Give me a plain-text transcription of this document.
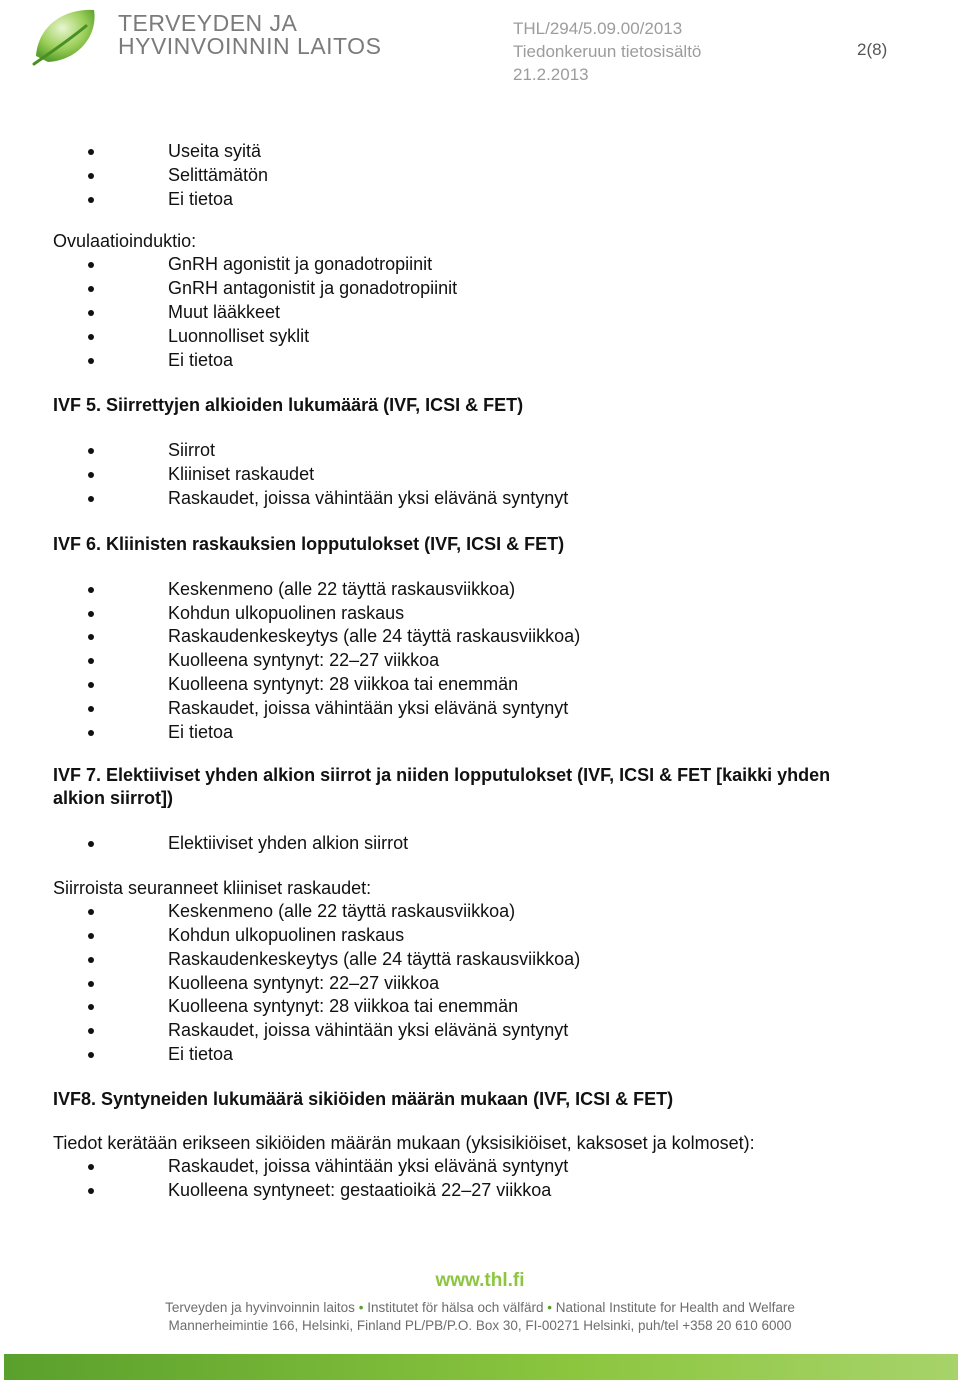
TERVEYDEN JA
HYVINVOINNIN LAITOS
THL/294/5.09.00/2013
Tiedonkeruun tietosisältö
21.2.2013
2(8)
Useita syitä
Selittämätön
Ei tietoa

Ovulaatioinduktio:

GnRH agonistit ja gonadotropiinit
GnRH antagonistit ja gonadotropiinit
Muut lääkkeet
Luonnolliset syklit
Ei tietoa

IVF 5. Siirrettyjen alkioiden lukumäärä (IVF, ICSI & FET)

Siirrot
Kliiniset raskaudet
Raskaudet, joissa vähintään yksi elävänä syntynyt

IVF 6. Kliinisten raskauksien lopputulokset (IVF, ICSI & FET)

Keskenmeno (alle 22 täyttä raskausviikkoa)
Kohdun ulkopuolinen raskaus
Raskaudenkeskeytys (alle 24 täyttä raskausviikkoa)
Kuolleena syntynyt: 22–27 viikkoa
Kuolleena syntynyt: 28 viikkoa tai enemmän
Raskaudet, joissa vähintään yksi elävänä syntynyt
Ei tietoa

IVF 7. Elektiiviset yhden alkion siirrot ja niiden lopputulokset (IVF, ICSI & FET [kaikki yhden
alkion siirrot])

Elektiiviset yhden alkion siirrot

Siirroista seuranneet kliiniset raskaudet:

Keskenmeno (alle 22 täyttä raskausviikkoa)
Kohdun ulkopuolinen raskaus
Raskaudenkeskeytys (alle 24 täyttä raskausviikkoa)
Kuolleena syntynyt: 22–27 viikkoa
Kuolleena syntynyt: 28 viikkoa tai enemmän
Raskaudet, joissa vähintään yksi elävänä syntynyt
Ei tietoa

IVF8. Syntyneiden lukumäärä sikiöiden määrän mukaan (IVF, ICSI & FET)

Tiedot kerätään erikseen sikiöiden määrän mukaan (yksisikiöiset, kaksoset ja kolmoset):

Raskaudet, joissa vähintään yksi elävänä syntynyt
Kuolleena syntyneet: gestaatioikä 22–27 viikkoa
www.thl.fi
Terveyden ja hyvinvoinnin laitos • Institutet för hälsa och välfärd • National Institute for Health and Welfare
Mannerheimintie 166, Helsinki, Finland PL/PB/P.O. Box 30, FI-00271 Helsinki, puh/tel +358 20 610 6000
